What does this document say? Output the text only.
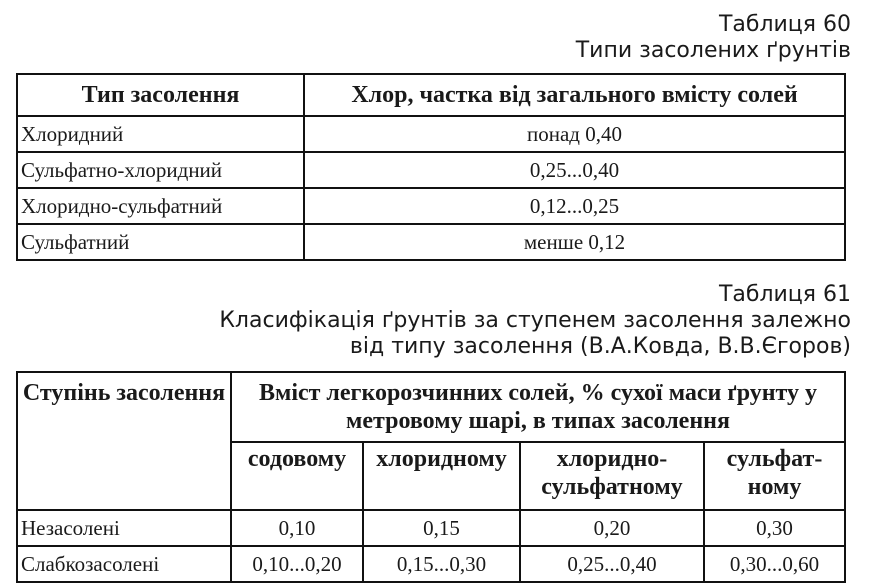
Таблиця 60
Типи засолених ґрунтів
Тип засолення	Хлор, частка від загального вмісту солей
Хлоридний	понад 0,40
Сульфатно-хлоридний	0,25...0,40
Хлоридно-сульфатний	0,12...0,25
Сульфатний	менше 0,12
Таблиця 61
Класифікація ґрунтів за ступенем засолення залежно
від типу засолення (В.А.Ковда, В.В.Єгоров)
Ступінь засолення	Вміст легкорозчинних солей, % сухої маси ґрунту у метровому шарі, в типах засолення			
	содовому	хлоридному	хлоридно-сульфатному	сульфат-ному
Незасолені	0,10	0,15	0,20	0,30
Слабкозасолені	0,10...0,20	0,15...0,30	0,25...0,40	0,30...0,60
